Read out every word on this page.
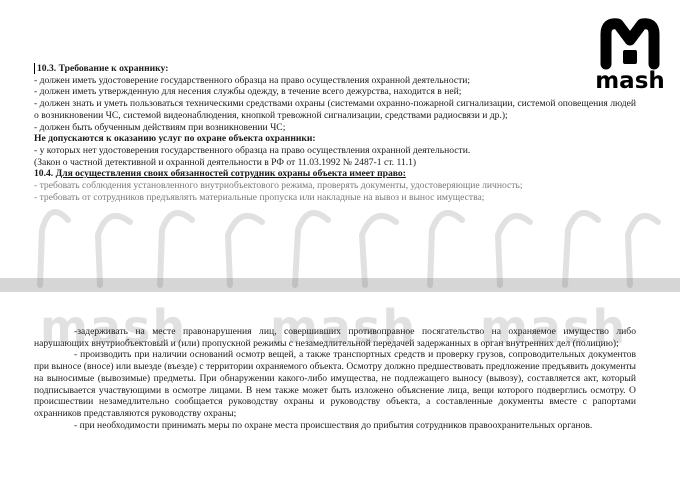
mash mash mash
mash

10.3. Требование к охраннику:

- должен иметь удостоверение государственного образца на право осуществления охранной деятельности;

- должен иметь утвержденную для несения службы одежду, в течение всего дежурства, находится в ней;

- должен знать и уметь пользоваться техническими средствами охраны (системами охранно-пожарной сигнализации, системой оповещения людей о возникновении ЧС, системой видеонаблюдения, кнопкой тревожной сигнализации, средствами радиосвязи и др.);

- должен быть обученным действиям при возникновении ЧС;

Не допускаются к оказанию услуг по охране объекта охранники:

- у которых нет удостоверения государственного образца на право осуществления охранной деятельности.

(Закон о частной детективной и охранной деятельности в РФ от 11.03.1992 № 2487-1 ст. 11.1)

10.4. Для осуществления своих обязанностей сотрудник охраны объекта имеет право:

- требовать соблюдения установленного внутриобъектового режима, проверять документы, удостоверяющие личность;

- требовать от сотрудников предъявлять материальные пропуска или накладные на вывоз и вынос имущества;

-задерживать на месте правонарушения лиц, совершивших противоправное посягательство на охраняемое имущество либо нарушающих внутриобъектовый и (или) пропускной режимы с незамедлительной передачей задержанных в орган внутренних дел (полицию);

- производить при наличии оснований осмотр вещей, а также транспортных средств и проверку грузов, сопроводительных документов при выносе (вносе) или выезде (въезде) с территории охраняемого объекта. Осмотру должно предшествовать предложение предъявить документы на выносимые (вывозимые) предметы. При обнаружении какого-либо имущества, не подлежащего выносу (вывозу), составляется акт, который подписывается участвующими в осмотре лицами. В нем также может быть изложено объяснение лица, вещи которого подверглись осмотру. О происшествии незамедлительно сообщается руководству охраны и руководству объекта, а составленные документы вместе с рапортами охранников представляются руководству охраны;

- при необходимости принимать меры по охране места происшествия до прибытия сотрудников правоохранительных органов.
